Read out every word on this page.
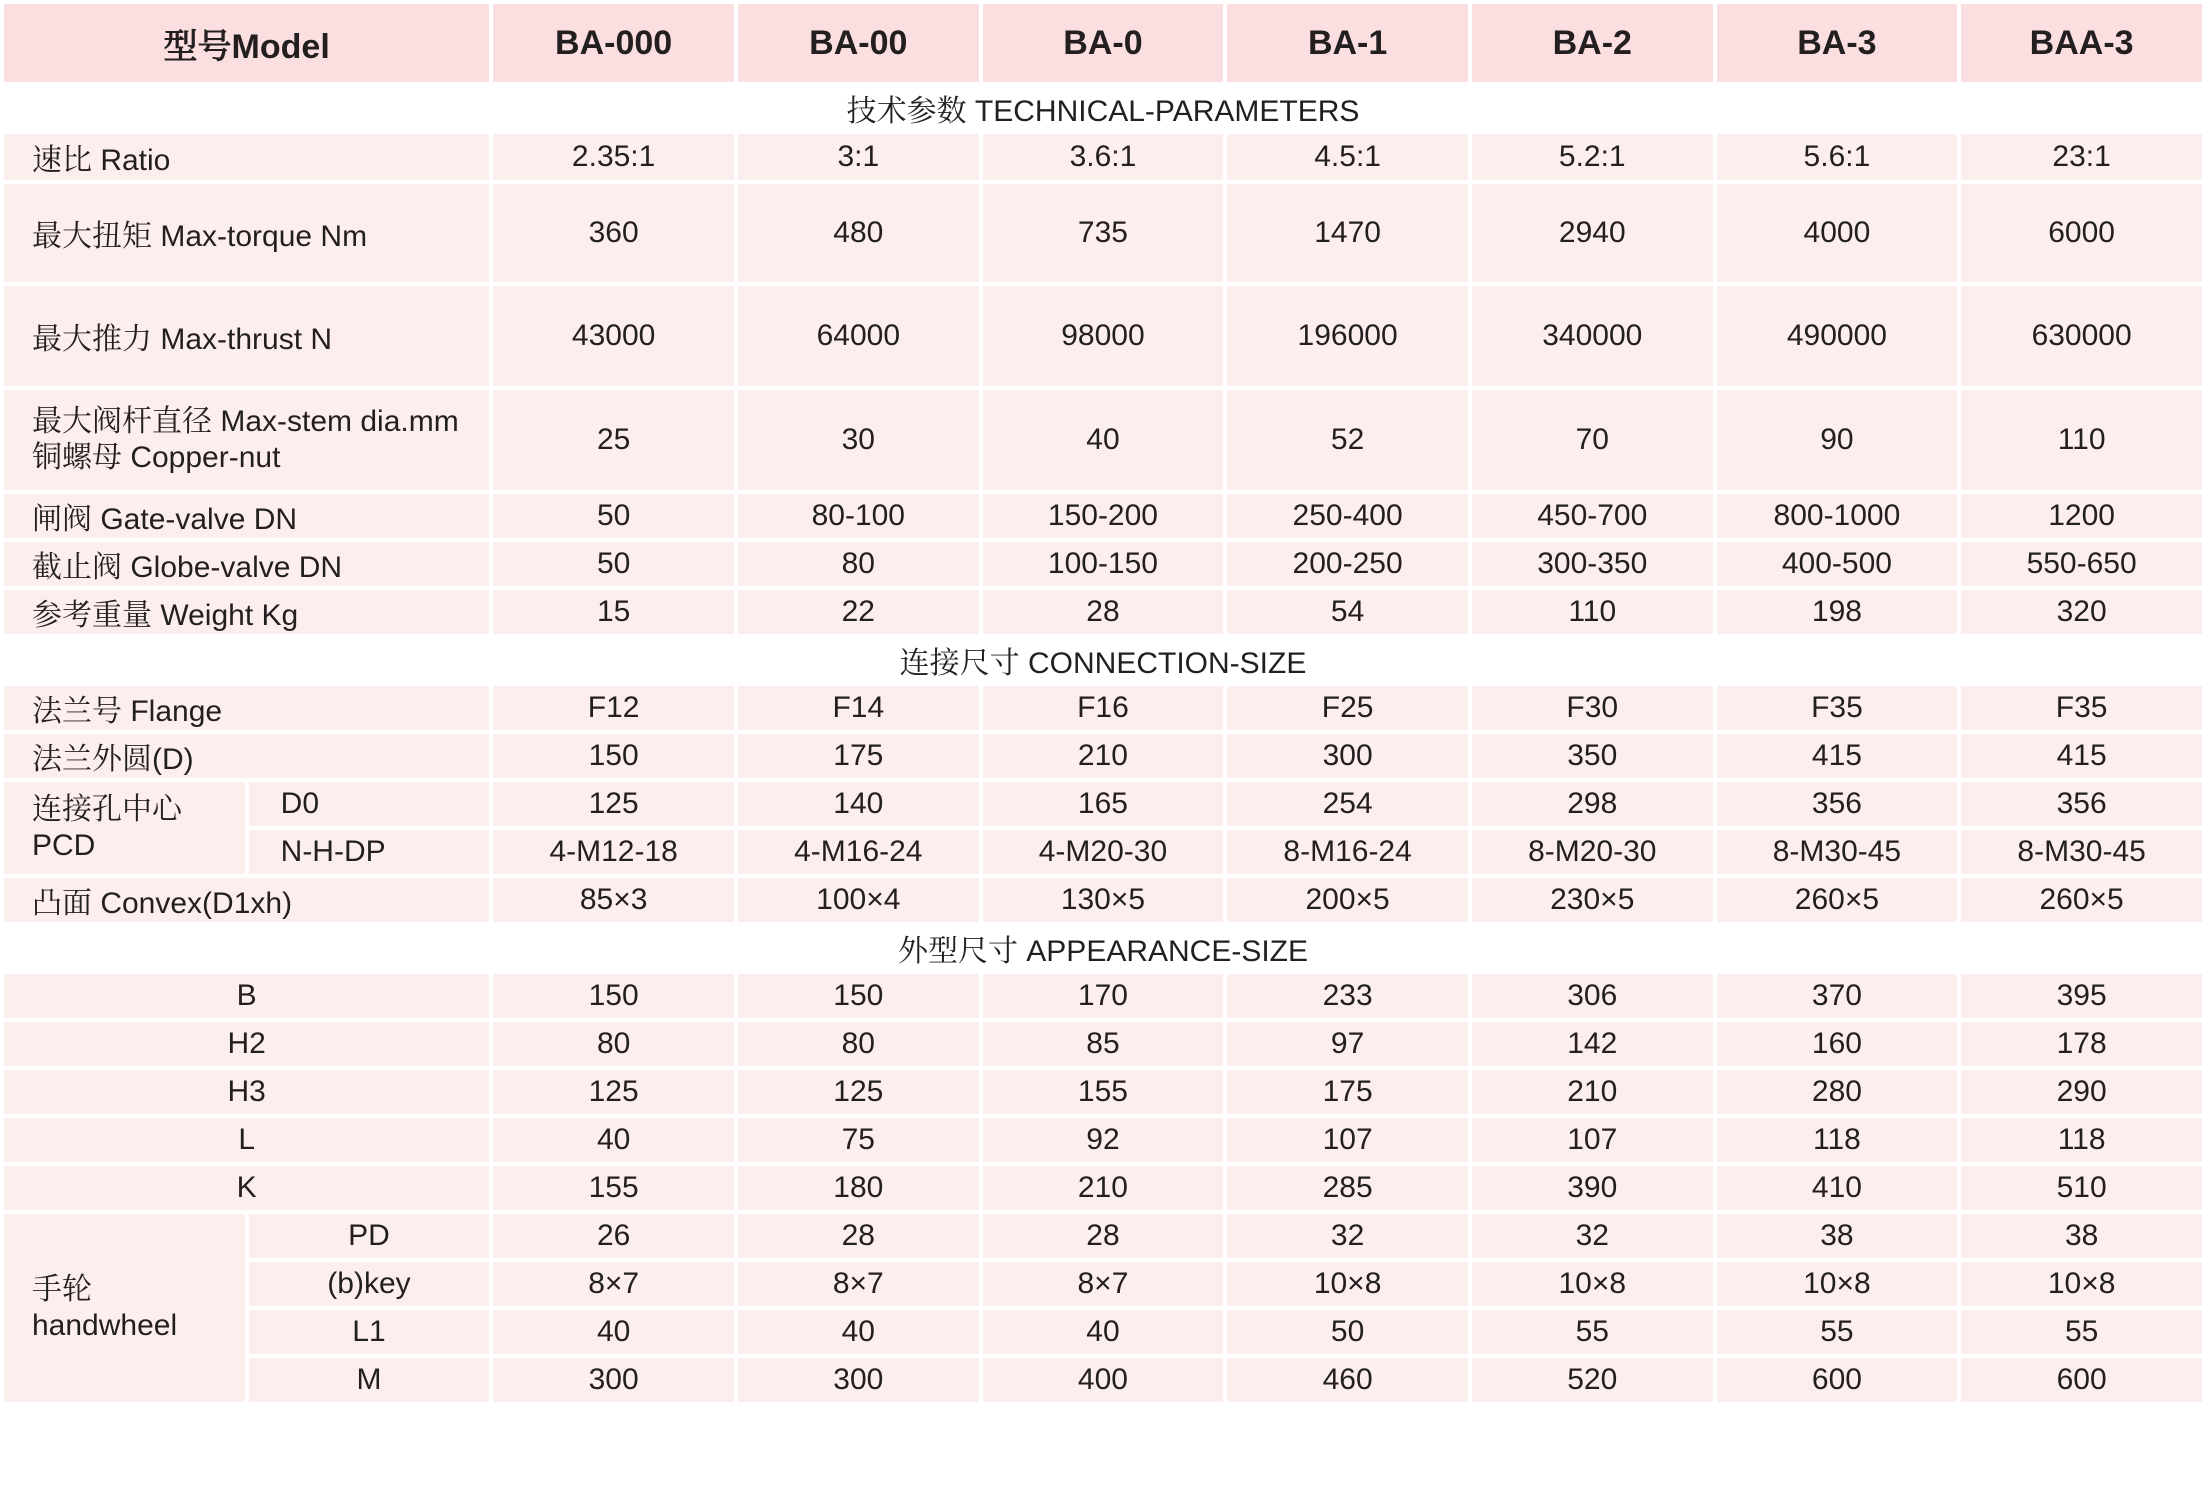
型号Model		BA-000	BA-00	BA-0	BA-1	BA-2	BA-3	BAA-3
技术参数 TECHNICAL-PARAMETERS								
速比 Ratio		2.35:1	3:1	3.6:1	4.5:1	5.2:1	5.6:1	23:1
最大扭矩 Max-torque Nm		360	480	735	1470	2940	4000	6000
最大推力 Max-thrust N		43000	64000	98000	196000	340000	490000	630000

最大阀杆直径 Max-stem dia.mm
铜螺母 Copper-nut		25	30	40	52	70	90	110
闸阀 Gate-valve DN		50	80-100	150-200	250-400	450-700	800-1000	1200
截止阀 Globe-valve DN		50	80	100-150	200-250	300-350	400-500	550-650
参考重量 Weight Kg		15	22	28	54	110	198	320
连接尺寸 CONNECTION-SIZE								
法兰号 Flange		F12	F14	F16	F25	F30	F35	F35
法兰外圆(D)		150	175	210	300	350	415	415

连接孔中心
PCD	D0	125	140	165	254	298	356	356
	N-H-DP	4-M12-18	4-M16-24	4-M20-30	8-M16-24	8-M20-30	8-M30-45	8-M30-45
凸面 Convex(D1xh)		85×3	100×4	130×5	200×5	230×5	260×5	260×5
外型尺寸 APPEARANCE-SIZE								
B		150	150	170	233	306	370	395
H2		80	80	85	97	142	160	178
H3		125	125	155	175	210	280	290
L		40	75	92	107	107	118	118
K		155	180	210	285	390	410	510

手轮
handwheel	PD	26	28	28	32	32	38	38
	(b)key	8×7	8×7	8×7	10×8	10×8	10×8	10×8
	L1	40	40	40	50	55	55	55
	M	300	300	400	460	520	600	600
